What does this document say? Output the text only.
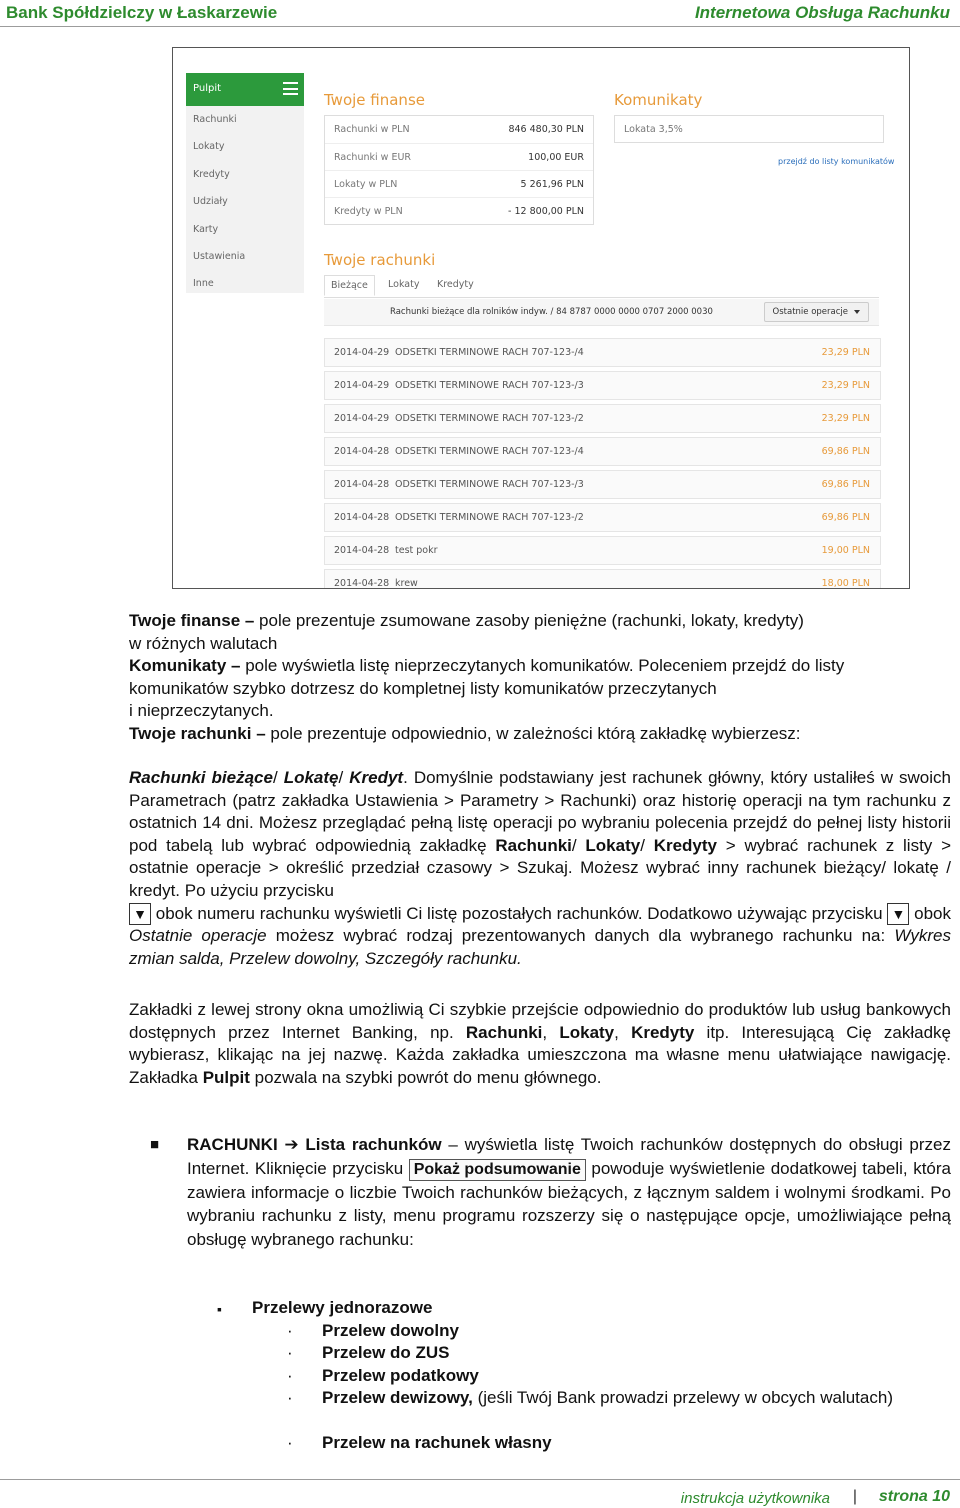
Bank Spółdzielczy w Łaskarzewie	Internetowa Obsługa Rachunku
Pulpit
Rachunki
Lokaty
Kredyty
Udziały
Karty
Ustawienia
Inne
Twoje finanse
Rachunki w PLN	846 480,30 PLN
Rachunki w EUR	100,00 EUR
Lokaty w PLN	5 261,96 PLN
Kredyty w PLN	- 12 800,00 PLN
Komunikaty
Lokata 3,5%
przejdź do listy komunikatów
Twoje rachunki
Bieżące	Lokaty Kredyty
Rachunki bieżące dla rolników indyw. / 84 8787 0000 0000 0707 2000 0030	Ostatnie operacje
2014-04-29 ODSETKI TERMINOWE RACH 707-123-/4	23,29 PLN
2014-04-29 ODSETKI TERMINOWE RACH 707-123-/3	23,29 PLN
2014-04-29 ODSETKI TERMINOWE RACH 707-123-/2	23,29 PLN
2014-04-28 ODSETKI TERMINOWE RACH 707-123-/4	69,86 PLN
2014-04-28 ODSETKI TERMINOWE RACH 707-123-/3	69,86 PLN
2014-04-28 ODSETKI TERMINOWE RACH 707-123-/2	69,86 PLN
2014-04-28 test pokr	19,00 PLN
2014-04-28 krew	18,00 PLN
Twoje finanse – pole prezentuje zsumowane zasoby pieniężne (rachunki, lokaty, kredyty)
w różnych walutach
Komunikaty – pole wyświetla listę nieprzeczytanych komunikatów. Poleceniem przejdź do listy
komunikatów szybko dotrzesz do kompletnej listy komunikatów przeczytanych
i nieprzeczytanych.
Twoje rachunki – pole prezentuje odpowiednio, w zależności którą zakładkę wybierzesz:
Rachunki bieżące/ Lokatę/ Kredyt. Domyślnie podstawiany jest rachunek główny, który ustaliłeś w swoich Parametrach (patrz zakładka Ustawienia > Parametry > Rachunki) oraz historię operacji na tym rachunku z ostatnich 14 dni. Możesz przeglądać pełną listę operacji po wybraniu polecenia przejdź do pełnej listy historii pod tabelą lub wybrać odpowiednią zakładkę Rachunki/ Lokaty/ Kredyty > wybrać rachunek z listy > ostatnie operacje > określić przedział czasowy > Szukaj. Możesz wybrać inny rachunek bieżący/ lokatę / kredyt. Po użyciu przycisku
▼ obok numeru rachunku wyświetli Ci listę pozostałych rachunków. Dodatkowo używając przycisku ▼ obok Ostatnie operacje możesz wybrać rodzaj prezentowanych danych dla wybranego rachunku na: Wykres zmian salda, Przelew dowolny, Szczegóły rachunku.
Zakładki z lewej strony okna umożliwią Ci szybkie przejście odpowiednio do produktów lub usług bankowych dostępnych przez Internet Banking, np. Rachunki, Lokaty, Kredyty itp. Interesującą Cię zakładkę wybierasz, klikając na jej nazwę. Każda zakładka umieszczona ma własne menu ułatwiające nawigację. Zakładka Pulpit pozwala na szybki powrót do menu głównego.
■ RACHUNKI ➔ Lista rachunków – wyświetla listę Twoich rachunków dostępnych do obsługi przez Internet. Kliknięcie przycisku Pokaż podsumowanie powoduje wyświetlenie dodatkowej tabeli, która zawiera informacje o liczbie Twoich rachunków bieżących, z łącznym saldem i wolnymi środkami. Po wybraniu rachunku z listy, menu programu rozszerzy się o następujące opcje, umożliwiające pełną obsługę wybranego rachunku:
▪ Przelewy jednorazowe
· Przelew dowolny
· Przelew do ZUS
· Przelew podatkowy
· Przelew dewizowy, (jeśli Twój Bank prowadzi przelewy w obcych walutach)
· Przelew na rachunek własny
instrukcja użytkownika | strona 10
